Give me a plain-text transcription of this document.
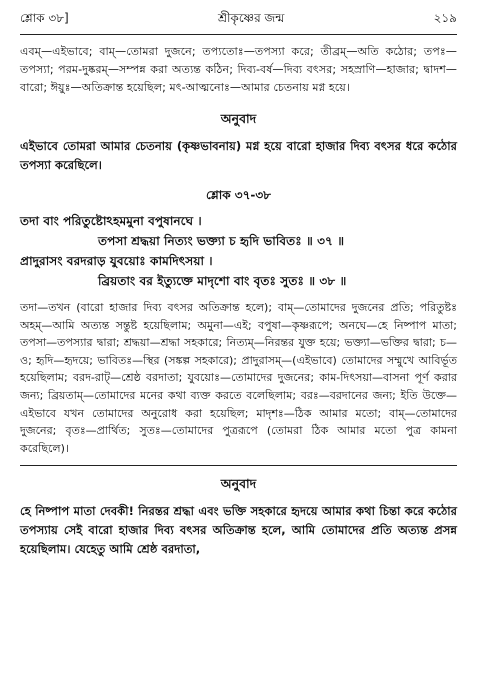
শ্লোক ৩৮]	শ্রীকৃষ্ণের জন্ম	২১৯

এবম্—এইভাবে; বাম্—তোমরা দুজনে; তপ্যতোঃ—তপস্যা করে; তীব্রম্—অতি কঠোর; তপঃ—তপস্যা; পরম-দুষ্করম্—সম্পন্ন করা অত্যন্ত কঠিন; দিব্য-বর্ষ—দিব্য বৎসর; সহস্রাণি—হাজার; দ্বাদশ—বারো; ঈয়ুঃ—অতিক্রান্ত হয়েছিল; মৎ-আত্মনোঃ—আমার চেতনায় মগ্ন হয়ে।

অনুবাদ

এইভাবে তোমরা আমার চেতনায় (কৃষ্ণভাবনায়) মগ্ন হয়ে বারো হাজার দিব্য বৎসর ধরে কঠোর তপস্যা করেছিলে।

শ্লোক ৩৭-৩৮
তদা বাং পরিতুষ্টোঽহমমুনা বপুষানঘে ।
তপসা শ্রদ্ধয়া নিত্যং ভক্ত্যা চ হৃদি ভাবিতঃ ॥ ৩৭ ॥
প্রাদুরাসং বরদরাড় যুবয়োঃ কামদিৎসয়া ।
ব্রিয়তাং বর ইত্যুক্তে মাদৃশো বাং বৃতঃ সুতঃ ॥ ৩৮ ॥

তদা—তখন (বারো হাজার দিব্য বৎসর অতিক্রান্ত হলে); বাম্—তোমাদের দুজনের প্রতি; পরিতুষ্টঃ অহম্—আমি অত্যন্ত সন্তুষ্ট হয়েছিলাম; অমুনা—এই; বপুষা—কৃষ্ণরূপে; অনঘে—হে নিষ্পাপ মাতা; তপসা—তপস্যার দ্বারা; শ্রদ্ধয়া—শ্রদ্ধা সহকারে; নিত্যম্—নিরন্তর যুক্ত হয়ে; ভক্ত্যা—ভক্তির দ্বারা; চ—ও; হৃদি—হৃদয়ে; ভাবিতঃ—স্থির (সঙ্কল্প সহকারে); প্রাদুরাসম্—(এইভাবে) তোমাদের সম্মুখে আবির্ভূত হয়েছিলাম; বরদ-রাট্—শ্রেষ্ঠ বরদাতা; যুবয়োঃ—তোমাদের দুজনের; কাম-দিৎসয়া—বাসনা পূর্ণ করার জন্য; ব্রিয়তাম্—তোমাদের মনের কথা ব্যক্ত করতে বলেছিলাম; বরঃ—বরদানের জন্য; ইতি উক্তে—এইভাবে যখন তোমাদের অনুরোধ করা হয়েছিল; মাদৃশঃ—ঠিক আমার মতো; বাম্—তোমাদের দুজনের; বৃতঃ—প্রার্থিত; সুতঃ—তোমাদের পুত্ররূপে (তোমরা ঠিক আমার মতো পুত্র কামনা করেছিলে)।

অনুবাদ

হে নিষ্পাপ মাতা দেবকী! নিরন্তর শ্রদ্ধা এবং ভক্তি সহকারে হৃদয়ে আমার কথা চিন্তা করে কঠোর তপস্যায় সেই বারো হাজার দিব্য বৎসর অতিক্রান্ত হলে, আমি তোমাদের প্রতি অত্যন্ত প্রসন্ন হয়েছিলাম। যেহেতু আমি শ্রেষ্ঠ বরদাতা,
